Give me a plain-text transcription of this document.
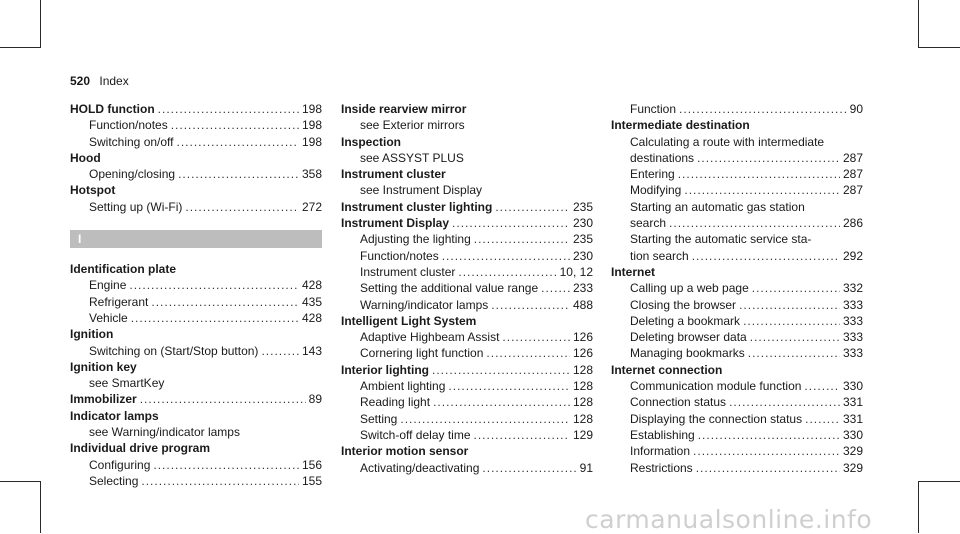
520 Index
HOLD function .....	198
Function/notes .....	198
Switching on/off .....	198
Hood
Opening/closing .....	358
Hotspot
Setting up (Wi-Fi) .....	272
I
Identification plate
Engine .....	428
Refrigerant .....	435
Vehicle .....	428
Ignition
Switching on (Start/Stop button) .....	143
Ignition key
see SmartKey
Immobilizer .....	89
Indicator lamps
see Warning/indicator lamps
Individual drive program
Configuring .....	156
Selecting .....	155
Inside rearview mirror
see Exterior mirrors
Inspection
see ASSYST PLUS
Instrument cluster
see Instrument Display
Instrument cluster lighting .....	235
Instrument Display .....	230
Adjusting the lighting .....	235
Function/notes .....	230
Instrument cluster .....	10, 12
Setting the additional value range .....	233
Warning/indicator lamps .....	488
Intelligent Light System
Adaptive Highbeam Assist .....	126
Cornering light function .....	126
Interior lighting .....	128
Ambient lighting .....	128
Reading light .....	128
Setting .....	128
Switch-off delay time .....	129
Interior motion sensor
Activating/deactivating .....	91
Function .....	90
Intermediate destination
Calculating a route with intermediate
destinations .....	287
Entering .....	287
Modifying .....	287
Starting an automatic gas station
search .....	286
Starting the automatic service sta-
tion search .....	292
Internet
Calling up a web page .....	332
Closing the browser .....	333
Deleting a bookmark .....	333
Deleting browser data .....	333
Managing bookmarks .....	333
Internet connection
Communication module function .....	330
Connection status .....	331
Displaying the connection status .....	331
Establishing .....	330
Information .....	329
Restrictions .....	329
carmanualsonline.info
